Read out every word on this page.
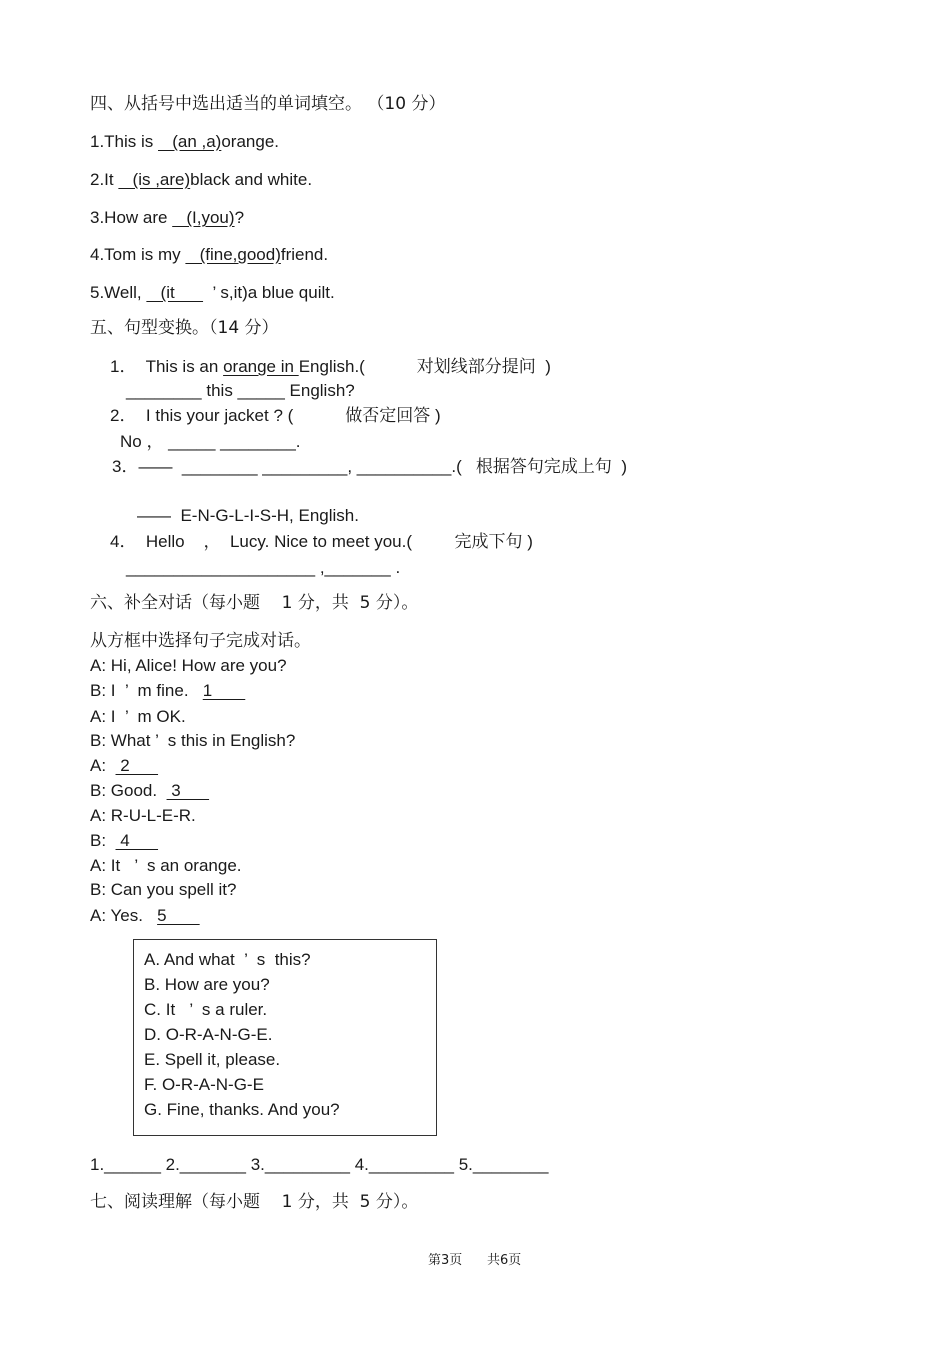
四、从括号中选出适当的单词填空。 （10 分）
1.This is    (an ,a)orange.
2.It    (is ,are)black and white.
3.How are    (I,you)?
4.Tom is my    (fine,good)friend.
5.Well,    (it        ’ s,it)a blue quilt.
五、句型变换。（14 分）
1．  This is an orange in English.(           对划线部分提问  )
________ this _____ English?
2．  I this your jacket ? (           做否定回答 )
No ， _____ ________.
3．——  ________ _________, __________.(   根据答句完成上句  )
——  E-N-G-L-I-S-H, English.
4．  Hello    ，  Lucy. Nice to meet you.(         完成下句 )
____________________ ,_______ .
六、补全对话（每小题    1 分，共  5 分）。
从方框中选择句子完成对话。
A: Hi, Alice! How are you?
B: I  ’  m fine.   1
A: I  ’  m OK.
B: What ’  s this in English?
A:   2
B: Good.   3
A: R-U-L-E-R.
B:   4
A: It   ’  s an orange.
B: Can you spell it?
A: Yes.   5
A. And what  ’  s  this?
B. How are you?
C. It   ’  s a ruler.
D. O-R-A-N-G-E.
E. Spell it, please.
F. O-R-A-N-G-E
G. Fine, thanks. And you?
1.______ 2._______ 3._________ 4._________ 5.________
七、阅读理解（每小题    1 分，共  5 分）。
第3页 共6页
